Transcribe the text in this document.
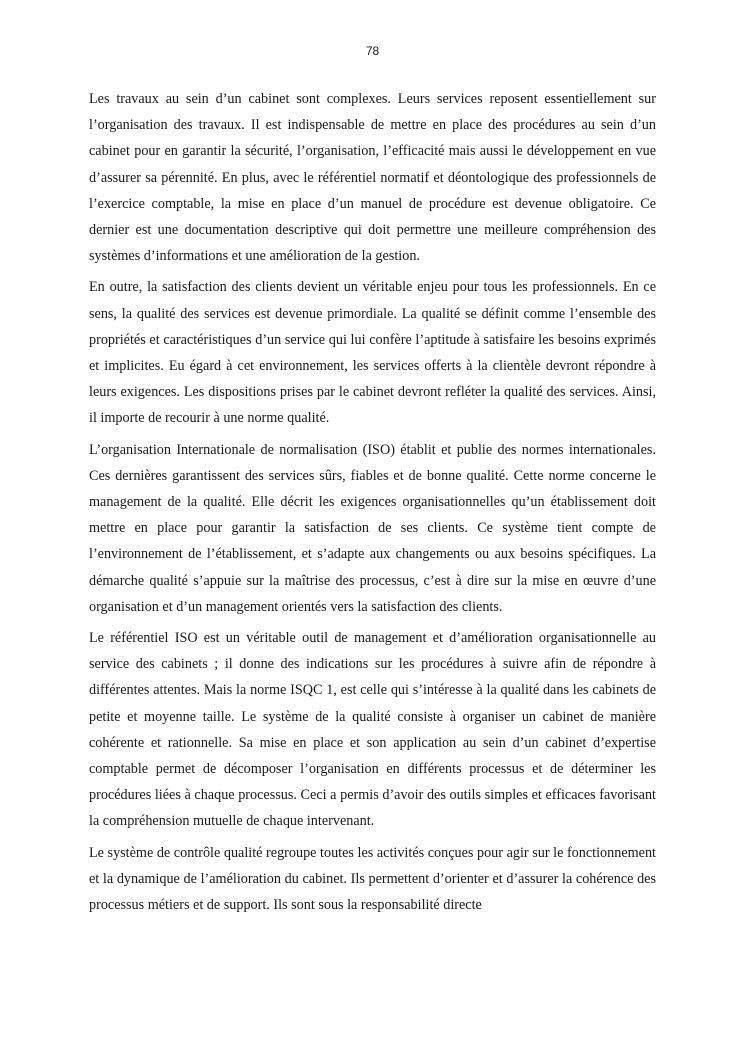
78

Les travaux au sein d’un cabinet sont complexes. Leurs services reposent essentiellement sur l’organisation des travaux. Il est indispensable de mettre en place des procédures au sein d’un cabinet pour en garantir la sécurité, l’organisation, l’efficacité mais aussi le développement en vue d’assurer sa pérennité. En plus, avec le référentiel normatif et déontologique des professionnels de l’exercice comptable, la mise en place d’un manuel de procédure est devenue obligatoire. Ce dernier est une documentation descriptive qui doit permettre une meilleure compréhension des systèmes d’informations et une amélioration de la gestion.

En outre, la satisfaction des clients devient un véritable enjeu pour tous les professionnels. En ce sens, la qualité des services est devenue primordiale. La qualité se définit comme l’ensemble des propriétés et caractéristiques d’un service qui lui confère l’aptitude à satisfaire les besoins exprimés et implicites. Eu égard à cet environnement, les services offerts à la clientèle devront répondre à leurs exigences. Les dispositions prises par le cabinet devront refléter la qualité des services. Ainsi, il importe de recourir à une norme qualité.

L’organisation Internationale de normalisation (ISO) établit et publie des normes internationales. Ces dernières garantissent des services sûrs, fiables et de bonne qualité. Cette norme concerne le management de la qualité. Elle décrit les exigences organisationnelles qu’un établissement doit mettre en place pour garantir la satisfaction de ses clients. Ce système tient compte de l’environnement de l’établissement, et s’adapte aux changements ou aux besoins spécifiques. La démarche qualité s’appuie sur la maîtrise des processus, c’est à dire sur la mise en œuvre d’une organisation et d’un management orientés vers la satisfaction des clients.

Le référentiel ISO est un véritable outil de management et d’amélioration organisationnelle au service des cabinets ; il donne des indications sur les procédures à suivre afin de répondre à différentes attentes. Mais la norme ISQC 1, est celle qui s’intéresse à la qualité dans les cabinets de petite et moyenne taille. Le système de la qualité consiste à organiser un cabinet de manière cohérente et rationnelle. Sa mise en place et son application au sein d’un cabinet d’expertise comptable permet de décomposer l’organisation en différents processus et de déterminer les procédures liées à chaque processus. Ceci a permis d’avoir des outils simples et efficaces favorisant la compréhension mutuelle de chaque intervenant.

Le système de contrôle qualité regroupe toutes les activités conçues pour agir sur le fonctionnement et la dynamique de l’amélioration du cabinet. Ils permettent d’orienter et d’assurer la cohérence des processus métiers et de support. Ils sont sous la responsabilité directe
